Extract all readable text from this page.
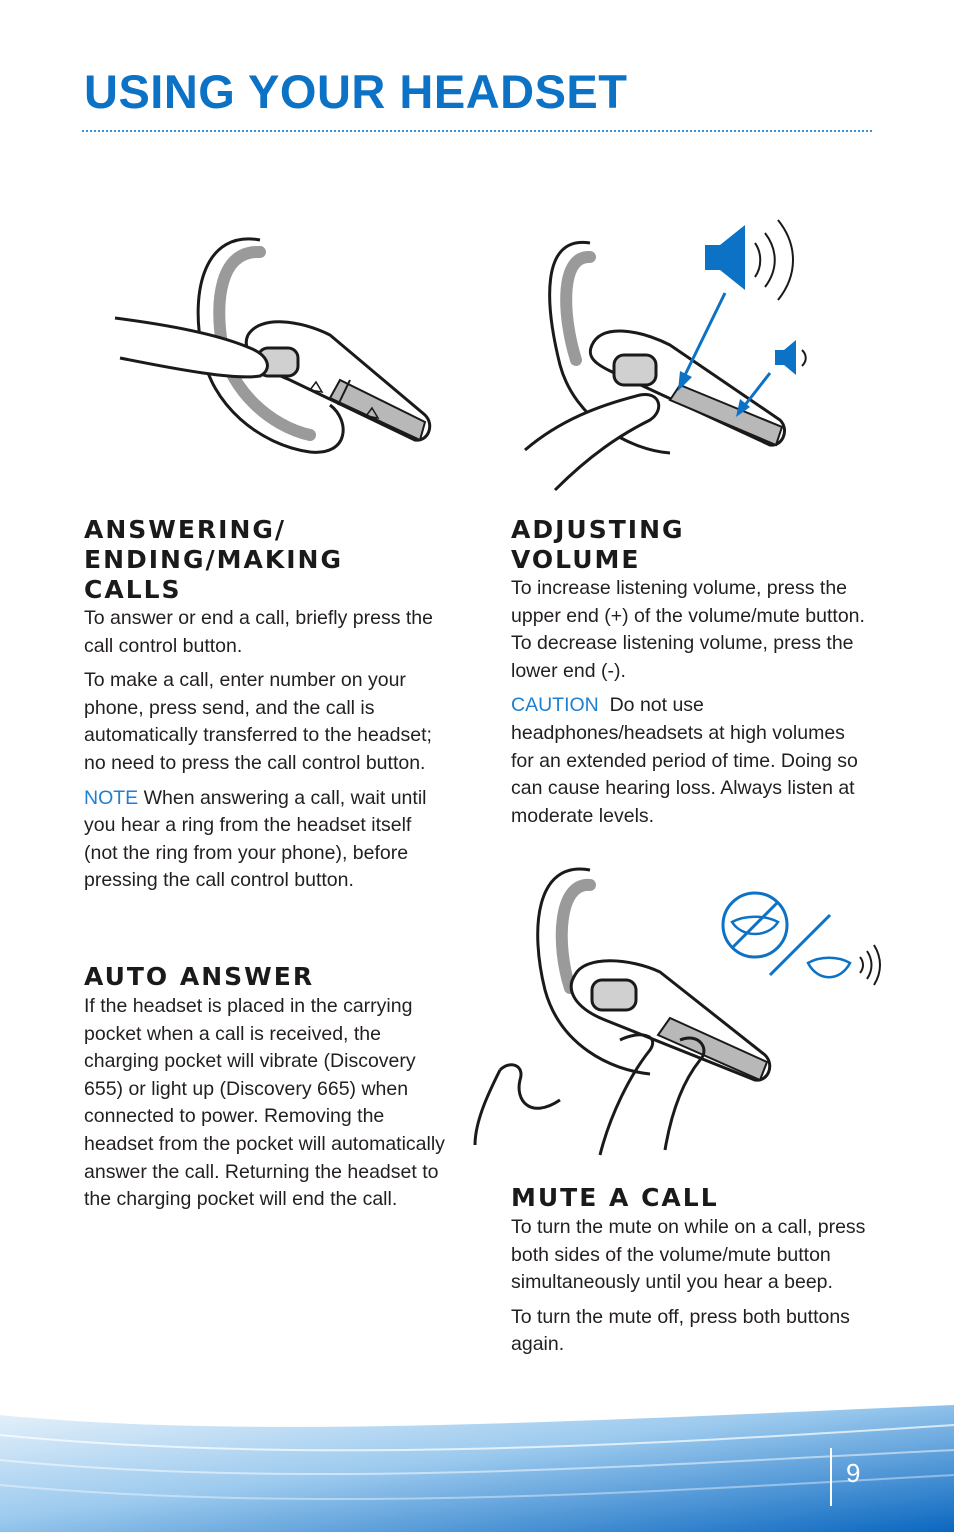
USING YOUR HEADSET
ANSWERING/
ENDING/MAKING
CALLS

To answer or end a call, briefly press the call control button.

To make a call, enter number on your phone, press send, and the call is automatically transferred to the headset; no need to press the call control button.

NOTE When answering a call, wait until you hear a ring from the headset itself (not the ring from your phone), before pressing the call control button.

AUTO ANSWER

If the headset is placed in the carrying pocket when a call is received, the charging pocket will vibrate (Discovery 655) or light up (Discovery 665) when connected to power. Removing the headset from the pocket will automatically answer the call. Returning the headset to the charging pocket will end the call.

ADJUSTING
VOLUME

To increase listening volume, press the upper end (+) of the volume/mute button. To decrease listening volume, press the lower end (-).

CAUTION Do not use headphones/headsets at high volumes for an extended period of time. Doing so can cause hearing loss. Always listen at moderate levels.

MUTE A CALL

To turn the mute on while on a call, press both sides of the volume/mute button simultaneously until you hear a beep.

To turn the mute off, press both buttons again.

9
